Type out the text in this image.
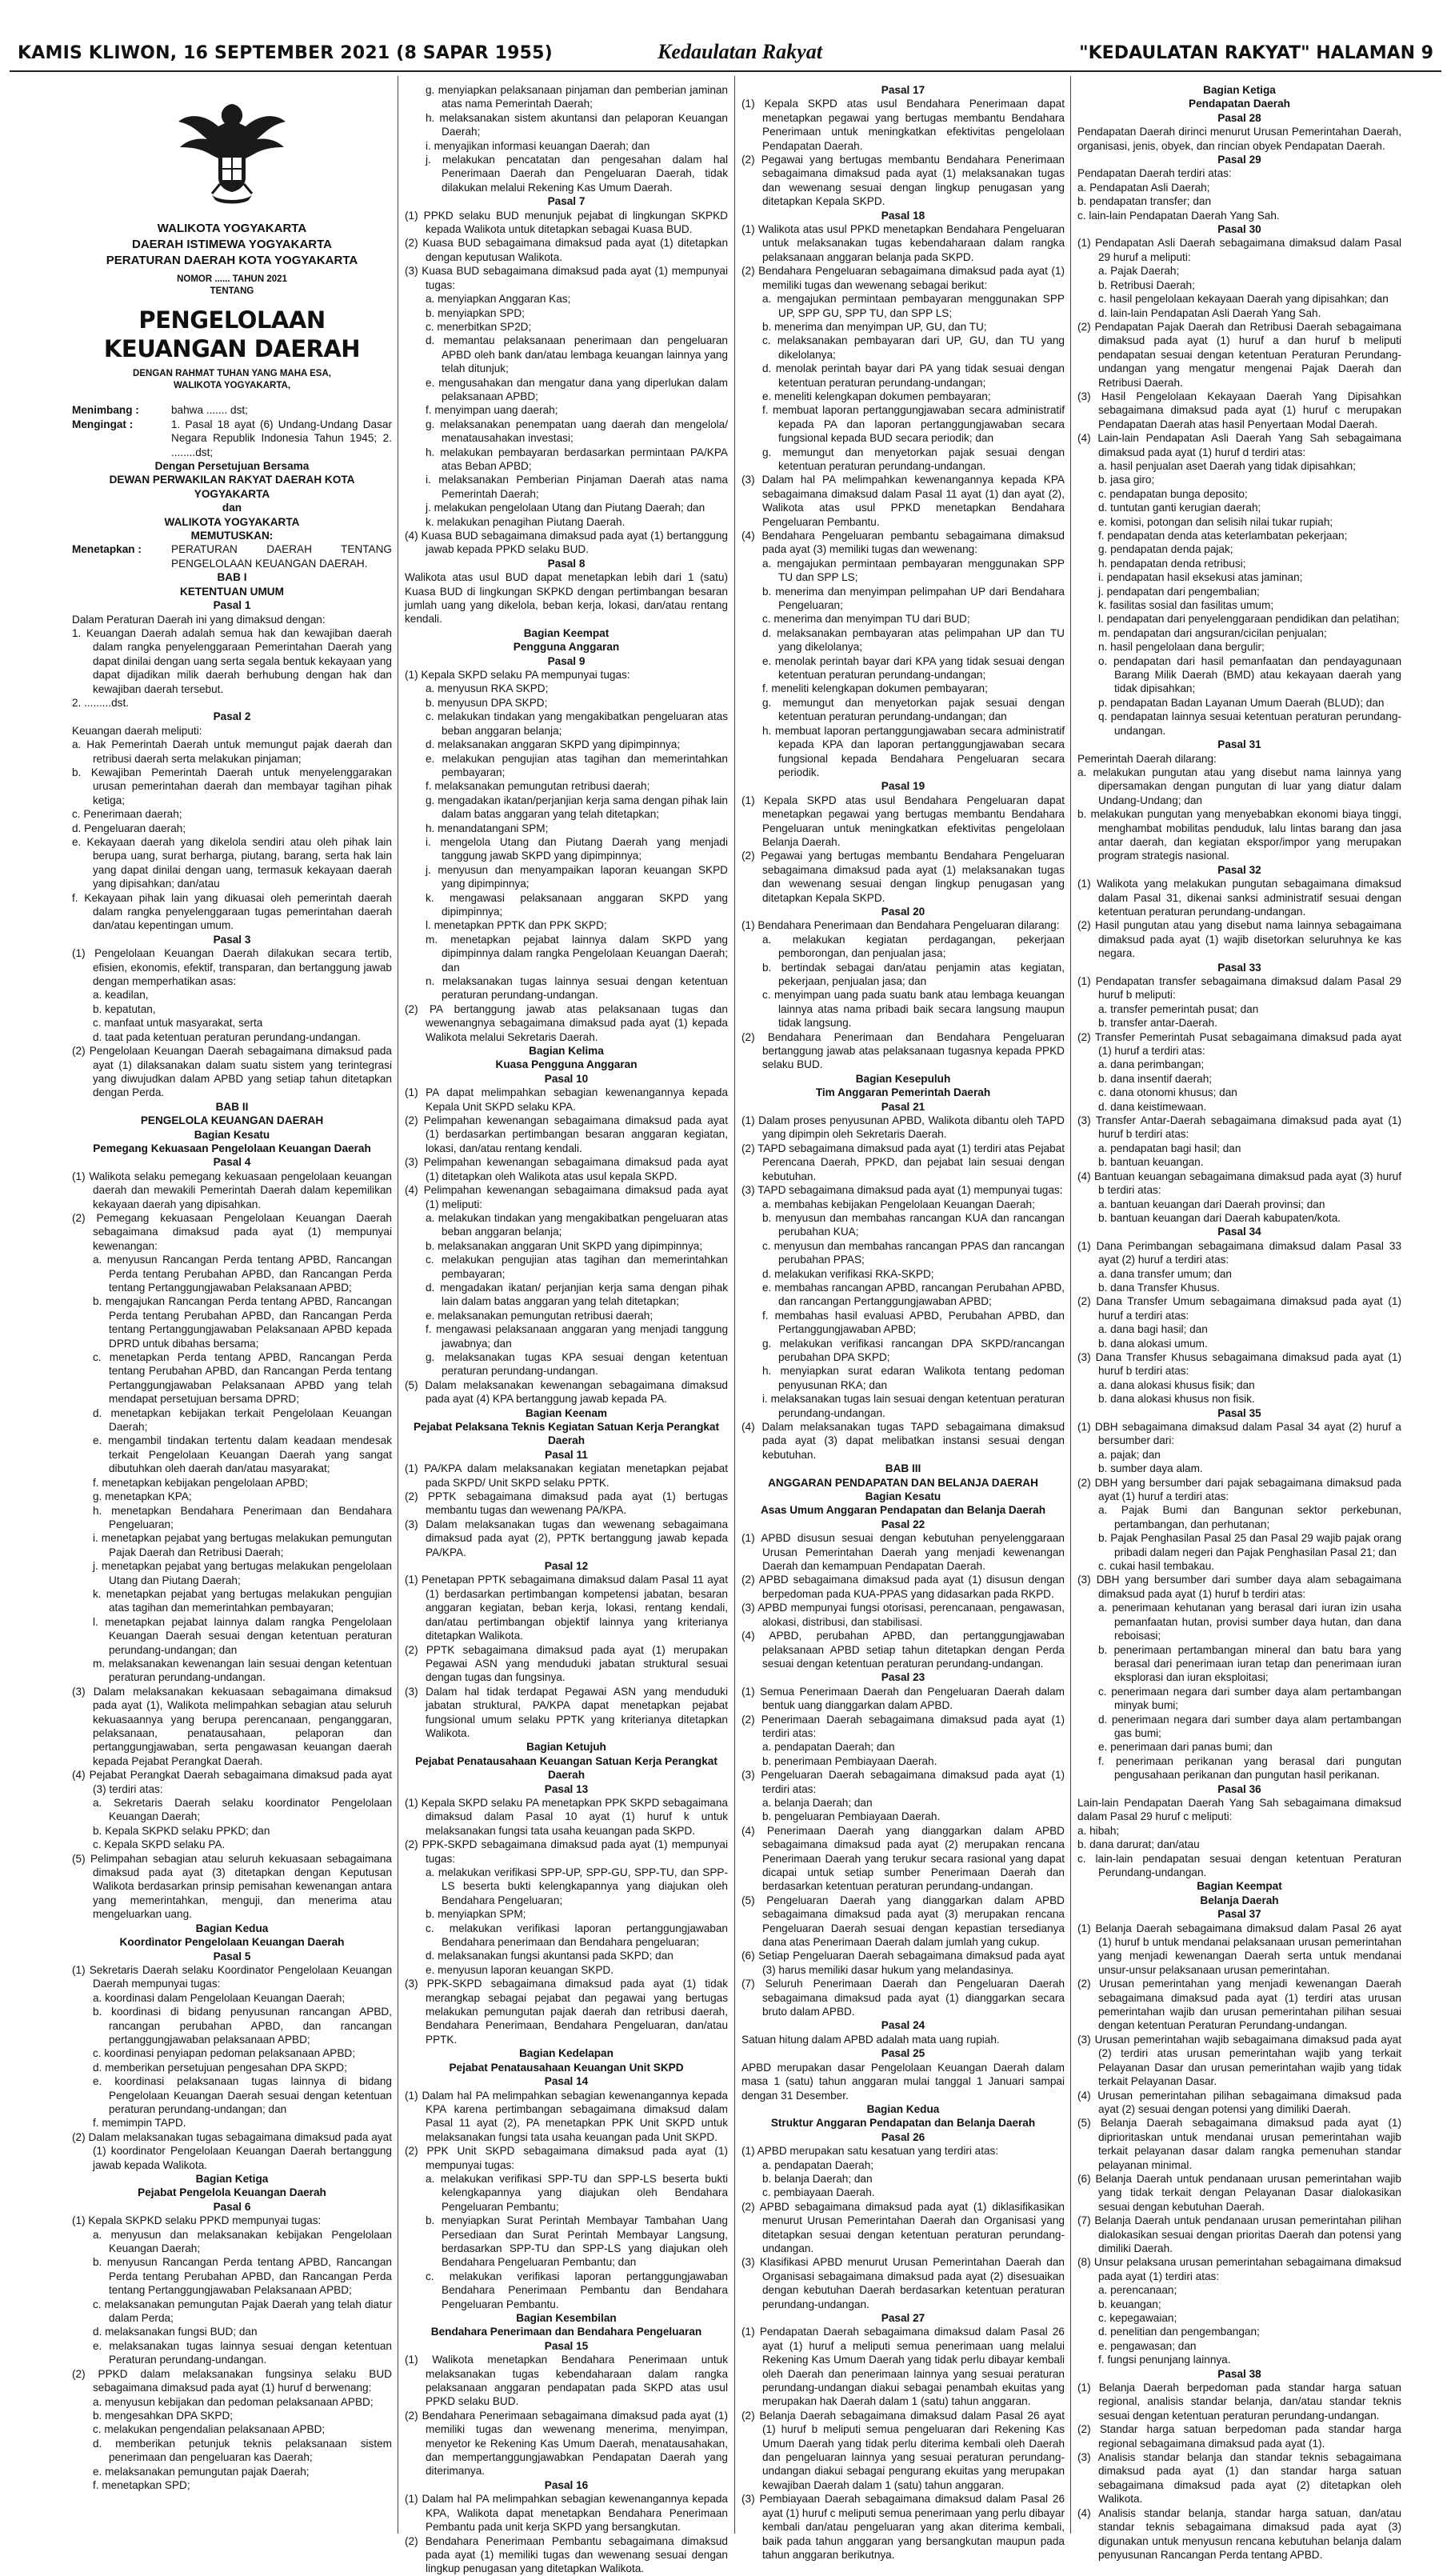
KAMIS KLIWON, 16 SEPTEMBER 2021 (8 SAPAR 1955)	Kedaulatan Rakyat	"KEDAULATAN RAKYAT" HALAMAN 9
WALIKOTA YOGYAKARTA
DAERAH ISTIMEWA YOGYAKARTA
PERATURAN DAERAH KOTA YOGYAKARTA
NOMOR ...... TAHUN 2021
TENTANG
PENGELOLAAN KEUANGAN DAERAH
DENGAN RAHMAT TUHAN YANG MAHA ESA,
WALIKOTA YOGYAKARTA,
Menimbang :	bahwa ....... dst;
Mengingat :	1. Pasal 18 ayat (6) Undang-Undang Dasar Negara Republik Indonesia Tahun 1945; 2. ........dst;

Dengan Persetujuan Bersama

DEWAN PERWAKILAN RAKYAT DAERAH KOTA YOGYAKARTA

dan

WALIKOTA YOGYAKARTA

MEMUTUSKAN:

Menetapkan :	PERATURAN DAERAH TENTANG PENGELOLAAN KEUANGAN DAERAH.

BAB I

KETENTUAN UMUM

Pasal 1

Dalam Peraturan Daerah ini yang dimaksud dengan:

1. Keuangan Daerah adalah semua hak dan kewajiban daerah dalam rangka penyelenggaraan Pemerintahan Daerah yang dapat dinilai dengan uang serta segala bentuk kekayaan yang dapat dijadikan milik daerah berhubung dengan hak dan kewajiban daerah tersebut.

2. .........dst.

Pasal 2

Keuangan daerah meliputi:

a. Hak Pemerintah Daerah untuk memungut pajak daerah dan retribusi daerah serta melakukan pinjaman;

b. Kewajiban Pemerintah Daerah untuk menyelenggarakan urusan pemerintahan daerah dan membayar tagihan pihak ketiga;

c. Penerimaan daerah;

d. Pengeluaran daerah;

e. Kekayaan daerah yang dikelola sendiri atau oleh pihak lain berupa uang, surat berharga, piutang, barang, serta hak lain yang dapat dinilai dengan uang, termasuk kekayaan daerah yang dipisahkan; dan/atau

f. Kekayaan pihak lain yang dikuasai oleh pemerintah daerah dalam rangka penyelenggaraan tugas pemerintahan daerah dan/atau kepentingan umum.

Pasal 3

(1) Pengelolaan Keuangan Daerah dilakukan secara tertib, efisien, ekonomis, efektif, transparan, dan bertanggung jawab dengan memperhatikan asas:

a. keadilan,

b. kepatutan,

c. manfaat untuk masyarakat, serta

d. taat pada ketentuan peraturan perundang-undangan.

(2) Pengelolaan Keuangan Daerah sebagaimana dimaksud pada ayat (1) dilaksanakan dalam suatu sistem yang terintegrasi yang diwujudkan dalam APBD yang setiap tahun ditetapkan dengan Perda.

BAB II

PENGELOLA KEUANGAN DAERAH

Bagian Kesatu

Pemegang Kekuasaan Pengelolaan Keuangan Daerah

Pasal 4

(1) Walikota selaku pemegang kekuasaan pengelolaan keuangan daerah dan mewakili Pemerintah Daerah dalam kepemilikan kekayaan daerah yang dipisahkan.

(2) Pemegang kekuasaan Pengelolaan Keuangan Daerah sebagaimana dimaksud pada ayat (1) mempunyai kewenangan:

a. menyusun Rancangan Perda tentang APBD, Rancangan Perda tentang Perubahan APBD, dan Rancangan Perda tentang Pertanggungjawaban Pelaksanaan APBD;

b. mengajukan Rancangan Perda tentang APBD, Rancangan Perda tentang Perubahan APBD, dan Rancangan Perda tentang Pertanggungjawaban Pelaksanaan APBD kepada DPRD untuk dibahas bersama;

c. menetapkan Perda tentang APBD, Rancangan Perda tentang Perubahan APBD, dan Rancangan Perda tentang Pertanggungjawaban Pelaksanaan APBD yang telah mendapat persetujuan bersama DPRD;

d. menetapkan kebijakan terkait Pengelolaan Keuangan Daerah;

e. mengambil tindakan tertentu dalam keadaan mendesak terkait Pengelolaan Keuangan Daerah yang sangat dibutuhkan oleh daerah dan/atau masyarakat;

f. menetapkan kebijakan pengelolaan APBD;

g. menetapkan KPA;

h. menetapkan Bendahara Penerimaan dan Bendahara Pengeluaran;

i. menetapkan pejabat yang bertugas melakukan pemungutan Pajak Daerah dan Retribusi Daerah;

j. menetapkan pejabat yang bertugas melakukan pengelolaan Utang dan Piutang Daerah;

k. menetapkan pejabat yang bertugas melakukan pengujian atas tagihan dan memerintahkan pembayaran;

l. menetapkan pejabat lainnya dalam rangka Pengelolaan Keuangan Daerah sesuai dengan ketentuan peraturan perundang-undangan; dan

m. melaksanakan kewenangan lain sesuai dengan ketentuan peraturan perundang-undangan.

(3) Dalam melaksanakan kekuasaan sebagaimana dimaksud pada ayat (1), Walikota melimpahkan sebagian atau seluruh kekuasaannya yang berupa perencanaan, penganggaran, pelaksanaan, penatausahaan, pelaporan dan pertanggungjawaban, serta pengawasan keuangan daerah kepada Pejabat Perangkat Daerah.

(4) Pejabat Perangkat Daerah sebagaimana dimaksud pada ayat (3) terdiri atas:

a. Sekretaris Daerah selaku koordinator Pengelolaan Keuangan Daerah;

b. Kepala SKPKD selaku PPKD; dan

c. Kepala SKPD selaku PA.

(5) Pelimpahan sebagian atau seluruh kekuasaan sebagaimana dimaksud pada ayat (3) ditetapkan dengan Keputusan Walikota berdasarkan prinsip pemisahan kewenangan antara yang memerintahkan, menguji, dan menerima atau mengeluarkan uang.

Bagian Kedua

Koordinator Pengelolaan Keuangan Daerah

Pasal 5

(1) Sekretaris Daerah selaku Koordinator Pengelolaan Keuangan Daerah mempunyai tugas:

a. koordinasi dalam Pengelolaan Keuangan Daerah;

b. koordinasi di bidang penyusunan rancangan APBD, rancangan perubahan APBD, dan rancangan pertanggungjawaban pelaksanaan APBD;

c. koordinasi penyiapan pedoman pelaksanaan APBD;

d. memberikan persetujuan pengesahan DPA SKPD;

e. koordinasi pelaksanaan tugas lainnya di bidang Pengelolaan Keuangan Daerah sesuai dengan ketentuan peraturan perundang-undangan; dan

f. memimpin TAPD.

(2) Dalam melaksanakan tugas sebagaimana dimaksud pada ayat (1) koordinator Pengelolaan Keuangan Daerah bertanggung jawab kepada Walikota.

Bagian Ketiga

Pejabat Pengelola Keuangan Daerah

Pasal 6

(1) Kepala SKPKD selaku PPKD mempunyai tugas:

a. menyusun dan melaksanakan kebijakan Pengelolaan Keuangan Daerah;

b. menyusun Rancangan Perda tentang APBD, Rancangan Perda tentang Perubahan APBD, dan Rancangan Perda tentang Pertanggungjawaban Pelaksanaan APBD;

c. melaksanakan pemungutan Pajak Daerah yang telah diatur dalam Perda;

d. melaksanakan fungsi BUD; dan

e. melaksanakan tugas lainnya sesuai dengan ketentuan Peraturan perundang-undangan.

(2) PPKD dalam melaksanakan fungsinya selaku BUD sebagaimana dimaksud pada ayat (1) huruf d berwenang:

a. menyusun kebijakan dan pedoman pelaksanaan APBD;

b. mengesahkan DPA SKPD;

c. melakukan pengendalian pelaksanaan APBD;

d. memberikan petunjuk teknis pelaksanaan sistem penerimaan dan pengeluaran kas Daerah;

e. melaksanakan pemungutan pajak Daerah;

f. menetapkan SPD;

g. menyiapkan pelaksanaan pinjaman dan pemberian jaminan atas nama Pemerintah Daerah;

h. melaksanakan sistem akuntansi dan pelaporan Keuangan Daerah;

i. menyajikan informasi keuangan Daerah; dan

j. melakukan pencatatan dan pengesahan dalam hal Penerimaan Daerah dan Pengeluaran Daerah, tidak dilakukan melalui Rekening Kas Umum Daerah.

Pasal 7

(1) PPKD selaku BUD menunjuk pejabat di lingkungan SKPKD kepada Walikota untuk ditetapkan sebagai Kuasa BUD.

(2) Kuasa BUD sebagaimana dimaksud pada ayat (1) ditetapkan dengan keputusan Walikota.

(3) Kuasa BUD sebagaimana dimaksud pada ayat (1) mempunyai tugas:

a. menyiapkan Anggaran Kas;

b. menyiapkan SPD;

c. menerbitkan SP2D;

d. memantau pelaksanaan penerimaan dan pengeluaran APBD oleh bank dan/atau lembaga keuangan lainnya yang telah ditunjuk;

e. mengusahakan dan mengatur dana yang diperlukan dalam pelaksanaan APBD;

f. menyimpan uang daerah;

g. melaksanakan penempatan uang daerah dan mengelola/ menatausahakan investasi;

h. melakukan pembayaran berdasarkan permintaan PA/KPA atas Beban APBD;

i. melaksanakan Pemberian Pinjaman Daerah atas nama Pemerintah Daerah;

j. melakukan pengelolaan Utang dan Piutang Daerah; dan

k. melakukan penagihan Piutang Daerah.

(4) Kuasa BUD sebagaimana dimaksud pada ayat (1) bertanggung jawab kepada PPKD selaku BUD.

Pasal 8

Walikota atas usul BUD dapat menetapkan lebih dari 1 (satu) Kuasa BUD di lingkungan SKPKD dengan pertimbangan besaran jumlah uang yang dikelola, beban kerja, lokasi, dan/atau rentang kendali.

Bagian Keempat

Pengguna Anggaran

Pasal 9

(1) Kepala SKPD selaku PA mempunyai tugas:

a. menyusun RKA SKPD;

b. menyusun DPA SKPD;

c. melakukan tindakan yang mengakibatkan pengeluaran atas beban anggaran belanja;

d. melaksanakan anggaran SKPD yang dipimpinnya;

e. melakukan pengujian atas tagihan dan memerintahkan pembayaran;

f. melaksanakan pemungutan retribusi daerah;

g. mengadakan ikatan/perjanjian kerja sama dengan pihak lain dalam batas anggaran yang telah ditetapkan;

h. menandatangani SPM;

i. mengelola Utang dan Piutang Daerah yang menjadi tanggung jawab SKPD yang dipimpinnya;

j. menyusun dan menyampaikan laporan keuangan SKPD yang dipimpinnya;

k. mengawasi pelaksanaan anggaran SKPD yang dipimpinnya;

l. menetapkan PPTK dan PPK SKPD;

m. menetapkan pejabat lainnya dalam SKPD yang dipimpinnya dalam rangka Pengelolaan Keuangan Daerah; dan

n. melaksanakan tugas lainnya sesuai dengan ketentuan peraturan perundang-undangan.

(2) PA bertanggung jawab atas pelaksanaan tugas dan wewenangnya sebagaimana dimaksud pada ayat (1) kepada Walikota melalui Sekretaris Daerah.

Bagian Kelima

Kuasa Pengguna Anggaran

Pasal 10

(1) PA dapat melimpahkan sebagian kewenangannya kepada Kepala Unit SKPD selaku KPA.

(2) Pelimpahan kewenangan sebagaimana dimaksud pada ayat (1) berdasarkan pertimbangan besaran anggaran kegiatan, lokasi, dan/atau rentang kendali.

(3) Pelimpahan kewenangan sebagaimana dimaksud pada ayat (1) ditetapkan oleh Walikota atas usul kepala SKPD.

(4) Pelimpahan kewenangan sebagaimana dimaksud pada ayat (1) meliputi:

a. melakukan tindakan yang mengakibatkan pengeluaran atas beban anggaran belanja;

b. melaksanakan anggaran Unit SKPD yang dipimpinnya;

c. melakukan pengujian atas tagihan dan memerintahkan pembayaran;

d. mengadakan ikatan/ perjanjian kerja sama dengan pihak lain dalam batas anggaran yang telah ditetapkan;

e. melaksanakan pemungutan retribusi daerah;

f. mengawasi pelaksanaan anggaran yang menjadi tanggung jawabnya; dan

g. melaksanakan tugas KPA sesuai dengan ketentuan peraturan perundang-undangan.

(5) Dalam melaksanakan kewenangan sebagaimana dimaksud pada ayat (4) KPA bertanggung jawab kepada PA.

Bagian Keenam

Pejabat Pelaksana Teknis Kegiatan Satuan Kerja Perangkat Daerah

Pasal 11

(1) PA/KPA dalam melaksanakan kegiatan menetapkan pejabat pada SKPD/ Unit SKPD selaku PPTK.

(2) PPTK sebagaimana dimaksud pada ayat (1) bertugas membantu tugas dan wewenang PA/KPA.

(3) Dalam melaksanakan tugas dan wewenang sebagaimana dimaksud pada ayat (2), PPTK bertanggung jawab kepada PA/KPA.

Pasal 12

(1) Penetapan PPTK sebagaimana dimaksud dalam Pasal 11 ayat (1) berdasarkan pertimbangan kompetensi jabatan, besaran anggaran kegiatan, beban kerja, lokasi, rentang kendali, dan/atau pertimbangan objektif lainnya yang kriterianya ditetapkan Walikota.

(2) PPTK sebagaimana dimaksud pada ayat (1) merupakan Pegawai ASN yang menduduki jabatan struktural sesuai dengan tugas dan fungsinya.

(3) Dalam hal tidak terdapat Pegawai ASN yang menduduki jabatan struktural, PA/KPA dapat menetapkan pejabat fungsional umum selaku PPTK yang kriterianya ditetapkan Walikota.

Bagian Ketujuh

Pejabat Penatausahaan Keuangan Satuan Kerja Perangkat Daerah

Pasal 13

(1) Kepala SKPD selaku PA menetapkan PPK SKPD sebagaimana dimaksud dalam Pasal 10 ayat (1) huruf k untuk melaksanakan fungsi tata usaha keuangan pada SKPD.

(2) PPK-SKPD sebagaimana dimaksud pada ayat (1) mempunyai tugas:

a. melakukan verifikasi SPP-UP, SPP-GU, SPP-TU, dan SPP-LS beserta bukti kelengkapannya yang diajukan oleh Bendahara Pengeluaran;

b. menyiapkan SPM;

c. melakukan verifikasi laporan pertanggungjawaban Bendahara penerimaan dan Bendahara pengeluaran;

d. melaksanakan fungsi akuntansi pada SKPD; dan

e. menyusun laporan keuangan SKPD.

(3) PPK-SKPD sebagaimana dimaksud pada ayat (1) tidak merangkap sebagai pejabat dan pegawai yang bertugas melakukan pemungutan pajak daerah dan retribusi daerah, Bendahara Penerimaan, Bendahara Pengeluaran, dan/atau PPTK.

Bagian Kedelapan

Pejabat Penatausahaan Keuangan Unit SKPD

Pasal 14

(1) Dalam hal PA melimpahkan sebagian kewenangannya kepada KPA karena pertimbangan sebagaimana dimaksud dalam Pasal 11 ayat (2), PA menetapkan PPK Unit SKPD untuk melaksanakan fungsi tata usaha keuangan pada Unit SKPD.

(2) PPK Unit SKPD sebagaimana dimaksud pada ayat (1) mempunyai tugas:

a. melakukan verifikasi SPP-TU dan SPP-LS beserta bukti kelengkapannya yang diajukan oleh Bendahara Pengeluaran Pembantu;

b. menyiapkan Surat Perintah Membayar Tambahan Uang Persediaan dan Surat Perintah Membayar Langsung, berdasarkan SPP-TU dan SPP-LS yang diajukan oleh Bendahara Pengeluaran Pembantu; dan

c. melakukan verifikasi laporan pertanggungjawaban Bendahara Penerimaan Pembantu dan Bendahara Pengeluaran Pembantu.

Bagian Kesembilan

Bendahara Penerimaan dan Bendahara Pengeluaran

Pasal 15

(1) Walikota menetapkan Bendahara Penerimaan untuk melaksanakan tugas kebendaharaan dalam rangka pelaksanaan anggaran pendapatan pada SKPD atas usul PPKD selaku BUD.

(2) Bendahara Penerimaan sebagaimana dimaksud pada ayat (1) memiliki tugas dan wewenang menerima, menyimpan, menyetor ke Rekening Kas Umum Daerah, menatausahakan, dan mempertanggungjawabkan Pendapatan Daerah yang diterimanya.

Pasal 16

(1) Dalam hal PA melimpahkan sebagian kewenangannya kepada KPA, Walikota dapat menetapkan Bendahara Penerimaan Pembantu pada unit kerja SKPD yang bersangkutan.

(2) Bendahara Penerimaan Pembantu sebagaimana dimaksud pada ayat (1) memiliki tugas dan wewenang sesuai dengan lingkup penugasan yang ditetapkan Walikota.

Pasal 17

(1) Kepala SKPD atas usul Bendahara Penerimaan dapat menetapkan pegawai yang bertugas membantu Bendahara Penerimaan untuk meningkatkan efektivitas pengelolaan Pendapatan Daerah.

(2) Pegawai yang bertugas membantu Bendahara Penerimaan sebagaimana dimaksud pada ayat (1) melaksanakan tugas dan wewenang sesuai dengan lingkup penugasan yang ditetapkan Kepala SKPD.

Pasal 18

(1) Walikota atas usul PPKD menetapkan Bendahara Pengeluaran untuk melaksanakan tugas kebendaharaan dalam rangka pelaksanaan anggaran belanja pada SKPD.

(2) Bendahara Pengeluaran sebagaimana dimaksud pada ayat (1) memiliki tugas dan wewenang sebagai berikut:

a. mengajukan permintaan pembayaran menggunakan SPP UP, SPP GU, SPP TU, dan SPP LS;

b. menerima dan menyimpan UP, GU, dan TU;

c. melaksanakan pembayaran dari UP, GU, dan TU yang dikelolanya;

d. menolak perintah bayar dari PA yang tidak sesuai dengan ketentuan peraturan perundang-undangan;

e. meneliti kelengkapan dokumen pembayaran;

f. membuat laporan pertanggungjawaban secara administratif kepada PA dan laporan pertanggungjawaban secara fungsional kepada BUD secara periodik; dan

g. memungut dan menyetorkan pajak sesuai dengan ketentuan peraturan perundang-undangan.

(3) Dalam hal PA melimpahkan kewenangannya kepada KPA sebagaimana dimaksud dalam Pasal 11 ayat (1) dan ayat (2), Walikota atas usul PPKD menetapkan Bendahara Pengeluaran Pembantu.

(4) Bendahara Pengeluaran pembantu sebagaimana dimaksud pada ayat (3) memiliki tugas dan wewenang:

a. mengajukan permintaan pembayaran menggunakan SPP TU dan SPP LS;

b. menerima dan menyimpan pelimpahan UP dari Bendahara Pengeluaran;

c. menerima dan menyimpan TU dari BUD;

d. melaksanakan pembayaran atas pelimpahan UP dan TU yang dikelolanya;

e. menolak perintah bayar dari KPA yang tidak sesuai dengan ketentuan peraturan perundang-undangan;

f. meneliti kelengkapan dokumen pembayaran;

g. memungut dan menyetorkan pajak sesuai dengan ketentuan peraturan perundang-undangan; dan

h. membuat laporan pertanggungjawaban secara administratif kepada KPA dan laporan pertanggungjawaban secara fungsional kepada Bendahara Pengeluaran secara periodik.

Pasal 19

(1) Kepala SKPD atas usul Bendahara Pengeluaran dapat menetapkan pegawai yang bertugas membantu Bendahara Pengeluaran untuk meningkatkan efektivitas pengelolaan Belanja Daerah.

(2) Pegawai yang bertugas membantu Bendahara Pengeluaran sebagaimana dimaksud pada ayat (1) melaksanakan tugas dan wewenang sesuai dengan lingkup penugasan yang ditetapkan Kepala SKPD.

Pasal 20

(1) Bendahara Penerimaan dan Bendahara Pengeluaran dilarang:

a. melakukan kegiatan perdagangan, pekerjaan pemborongan, dan penjualan jasa;

b. bertindak sebagai dan/atau penjamin atas kegiatan, pekerjaan, penjualan jasa; dan

c. menyimpan uang pada suatu bank atau lembaga keuangan lainnya atas nama pribadi baik secara langsung maupun tidak langsung.

(2) Bendahara Penerimaan dan Bendahara Pengeluaran bertanggung jawab atas pelaksanaan tugasnya kepada PPKD selaku BUD.

Bagian Kesepuluh

Tim Anggaran Pemerintah Daerah

Pasal 21

(1) Dalam proses penyusunan APBD, Walikota dibantu oleh TAPD yang dipimpin oleh Sekretaris Daerah.

(2) TAPD sebagaimana dimaksud pada ayat (1) terdiri atas Pejabat Perencana Daerah, PPKD, dan pejabat lain sesuai dengan kebutuhan.

(3) TAPD sebagaimana dimaksud pada ayat (1) mempunyai tugas:

a. membahas kebijakan Pengelolaan Keuangan Daerah;

b. menyusun dan membahas rancangan KUA dan rancangan perubahan KUA;

c. menyusun dan membahas rancangan PPAS dan rancangan perubahan PPAS;

d. melakukan verifikasi RKA-SKPD;

e. membahas rancangan APBD, rancangan Perubahan APBD, dan rancangan Pertanggungjawaban APBD;

f. membahas hasil evaluasi APBD, Perubahan APBD, dan Pertanggungjawaban APBD;

g. melakukan verifikasi rancangan DPA SKPD/rancangan perubahan DPA SKPD;

h. menyiapkan surat edaran Walikota tentang pedoman penyusunan RKA; dan

i. melaksanakan tugas lain sesuai dengan ketentuan peraturan perundang-undangan.

(4) Dalam melaksanakan tugas TAPD sebagaimana dimaksud pada ayat (3) dapat melibatkan instansi sesuai dengan kebutuhan.

BAB III

ANGGARAN PENDAPATAN DAN BELANJA DAERAH

Bagian Kesatu

Asas Umum Anggaran Pendapatan dan Belanja Daerah

Pasal 22

(1) APBD disusun sesuai dengan kebutuhan penyelenggaraan Urusan Pemerintahan Daerah yang menjadi kewenangan Daerah dan kemampuan Pendapatan Daerah.

(2) APBD sebagaimana dimaksud pada ayat (1) disusun dengan berpedoman pada KUA-PPAS yang didasarkan pada RKPD.

(3) APBD mempunyai fungsi otorisasi, perencanaan, pengawasan, alokasi, distribusi, dan stabilisasi.

(4) APBD, perubahan APBD, dan pertanggungjawaban pelaksanaan APBD setiap tahun ditetapkan dengan Perda sesuai dengan ketentuan peraturan perundang-undangan.

Pasal 23

(1) Semua Penerimaan Daerah dan Pengeluaran Daerah dalam bentuk uang dianggarkan dalam APBD.

(2) Penerimaan Daerah sebagaimana dimaksud pada ayat (1) terdiri atas:

a. pendapatan Daerah; dan

b. penerimaan Pembiayaan Daerah.

(3) Pengeluaran Daerah sebagaimana dimaksud pada ayat (1) terdiri atas:

a. belanja Daerah; dan

b. pengeluaran Pembiayaan Daerah.

(4) Penerimaan Daerah yang dianggarkan dalam APBD sebagaimana dimaksud pada ayat (2) merupakan rencana Penerimaan Daerah yang terukur secara rasional yang dapat dicapai untuk setiap sumber Penerimaan Daerah dan berdasarkan ketentuan peraturan perundang-undangan.

(5) Pengeluaran Daerah yang dianggarkan dalam APBD sebagaimana dimaksud pada ayat (3) merupakan rencana Pengeluaran Daerah sesuai dengan kepastian tersedianya dana atas Penerimaan Daerah dalam jumlah yang cukup.

(6) Setiap Pengeluaran Daerah sebagaimana dimaksud pada ayat (3) harus memiliki dasar hukum yang melandasinya.

(7) Seluruh Penerimaan Daerah dan Pengeluaran Daerah sebagaimana dimaksud pada ayat (1) dianggarkan secara bruto dalam APBD.

Pasal 24

Satuan hitung dalam APBD adalah mata uang rupiah.

Pasal 25

APBD merupakan dasar Pengelolaan Keuangan Daerah dalam masa 1 (satu) tahun anggaran mulai tanggal 1 Januari sampai dengan 31 Desember.

Bagian Kedua

Struktur Anggaran Pendapatan dan Belanja Daerah

Pasal 26

(1) APBD merupakan satu kesatuan yang terdiri atas:

a. pendapatan Daerah;

b. belanja Daerah; dan

c. pembiayaan Daerah.

(2) APBD sebagaimana dimaksud pada ayat (1) diklasifikasikan menurut Urusan Pemerintahan Daerah dan Organisasi yang ditetapkan sesuai dengan ketentuan peraturan perundang-undangan.

(3) Klasifikasi APBD menurut Urusan Pemerintahan Daerah dan Organisasi sebagaimana dimaksud pada ayat (2) disesuaikan dengan kebutuhan Daerah berdasarkan ketentuan peraturan perundang-undangan.

Pasal 27

(1) Pendapatan Daerah sebagaimana dimaksud dalam Pasal 26 ayat (1) huruf a meliputi semua penerimaan uang melalui Rekening Kas Umum Daerah yang tidak perlu dibayar kembali oleh Daerah dan penerimaan lainnya yang sesuai peraturan perundang-undangan diakui sebagai penambah ekuitas yang merupakan hak Daerah dalam 1 (satu) tahun anggaran.

(2) Belanja Daerah sebagaimana dimaksud dalam Pasal 26 ayat (1) huruf b meliputi semua pengeluaran dari Rekening Kas Umum Daerah yang tidak perlu diterima kembali oleh Daerah dan pengeluaran lainnya yang sesuai peraturan perundang-undangan diakui sebagai pengurang ekuitas yang merupakan kewajiban Daerah dalam 1 (satu) tahun anggaran.

(3) Pembiayaan Daerah sebagaimana dimaksud dalam Pasal 26 ayat (1) huruf c meliputi semua penerimaan yang perlu dibayar kembali dan/atau pengeluaran yang akan diterima kembali, baik pada tahun anggaran yang bersangkutan maupun pada tahun anggaran berikutnya.

Bagian Ketiga

Pendapatan Daerah

Pasal 28

Pendapatan Daerah dirinci menurut Urusan Pemerintahan Daerah, organisasi, jenis, obyek, dan rincian obyek Pendapatan Daerah.

Pasal 29

Pendapatan Daerah terdiri atas:

a. Pendapatan Asli Daerah;

b. pendapatan transfer; dan

c. lain-lain Pendapatan Daerah Yang Sah.

Pasal 30

(1) Pendapatan Asli Daerah sebagaimana dimaksud dalam Pasal 29 huruf a meliputi:

a. Pajak Daerah;

b. Retribusi Daerah;

c. hasil pengelolaan kekayaan Daerah yang dipisahkan; dan

d. lain-lain Pendapatan Asli Daerah Yang Sah.

(2) Pendapatan Pajak Daerah dan Retribusi Daerah sebagaimana dimaksud pada ayat (1) huruf a dan huruf b meliputi pendapatan sesuai dengan ketentuan Peraturan Perundang-undangan yang mengatur mengenai Pajak Daerah dan Retribusi Daerah.

(3) Hasil Pengelolaan Kekayaan Daerah Yang Dipisahkan sebagaimana dimaksud pada ayat (1) huruf c merupakan Pendapatan Daerah atas hasil Penyertaan Modal Daerah.

(4) Lain-lain Pendapatan Asli Daerah Yang Sah sebagaimana dimaksud pada ayat (1) huruf d terdiri atas:

a. hasil penjualan aset Daerah yang tidak dipisahkan;

b. jasa giro;

c. pendapatan bunga deposito;

d. tuntutan ganti kerugian daerah;

e. komisi, potongan dan selisih nilai tukar rupiah;

f. pendapatan denda atas keterlambatan pekerjaan;

g. pendapatan denda pajak;

h. pendapatan denda retribusi;

i. pendapatan hasil eksekusi atas jaminan;

j. pendapatan dari pengembalian;

k. fasilitas sosial dan fasilitas umum;

l. pendapatan dari penyelenggaraan pendidikan dan pelatihan;

m. pendapatan dari angsuran/cicilan penjualan;

n. hasil pengelolaan dana bergulir;

o. pendapatan dari hasil pemanfaatan dan pendayagunaan Barang Milik Daerah (BMD) atau kekayaan daerah yang tidak dipisahkan;

p. pendapatan Badan Layanan Umum Daerah (BLUD); dan

q. pendapatan lainnya sesuai ketentuan peraturan perundang-undangan.

Pasal 31

Pemerintah Daerah dilarang:

a. melakukan pungutan atau yang disebut nama lainnya yang dipersamakan dengan pungutan di luar yang diatur dalam Undang-Undang; dan

b. melakukan pungutan yang menyebabkan ekonomi biaya tinggi, menghambat mobilitas penduduk, lalu lintas barang dan jasa antar daerah, dan kegiatan ekspor/impor yang merupakan program strategis nasional.

Pasal 32

(1) Walikota yang melakukan pungutan sebagaimana dimaksud dalam Pasal 31, dikenai sanksi administratif sesuai dengan ketentuan peraturan perundang-undangan.

(2) Hasil pungutan atau yang disebut nama lainnya sebagaimana dimaksud pada ayat (1) wajib disetorkan seluruhnya ke kas negara.

Pasal 33

(1) Pendapatan transfer sebagaimana dimaksud dalam Pasal 29 huruf b meliputi:

a. transfer pemerintah pusat; dan

b. transfer antar-Daerah.

(2) Transfer Pemerintah Pusat sebagaimana dimaksud pada ayat (1) huruf a terdiri atas:

a. dana perimbangan;

b. dana insentif daerah;

c. dana otonomi khusus; dan

d. dana keistimewaan.

(3) Transfer Antar-Daerah sebagaimana dimaksud pada ayat (1) huruf b terdiri atas:

a. pendapatan bagi hasil; dan

b. bantuan keuangan.

(4) Bantuan keuangan sebagaimana dimaksud pada ayat (3) huruf b terdiri atas:

a. bantuan keuangan dari Daerah provinsi; dan

b. bantuan keuangan dari Daerah kabupaten/kota.

Pasal 34

(1) Dana Perimbangan sebagaimana dimaksud dalam Pasal 33 ayat (2) huruf a terdiri atas:

a. dana transfer umum; dan

b. dana Transfer Khusus.

(2) Dana Transfer Umum sebagaimana dimaksud pada ayat (1) huruf a terdiri atas:

a. dana bagi hasil; dan

b. dana alokasi umum.

(3) Dana Transfer Khusus sebagaimana dimaksud pada ayat (1) huruf b terdiri atas:

a. dana alokasi khusus fisik; dan

b. dana alokasi khusus non fisik.

Pasal 35

(1) DBH sebagaimana dimaksud dalam Pasal 34 ayat (2) huruf a bersumber dari:

a. pajak; dan

b. sumber daya alam.

(2) DBH yang bersumber dari pajak sebagaimana dimaksud pada ayat (1) huruf a terdiri atas:

a. Pajak Bumi dan Bangunan sektor perkebunan, pertambangan, dan perhutanan;

b. Pajak Penghasilan Pasal 25 dan Pasal 29 wajib pajak orang pribadi dalam negeri dan Pajak Penghasilan Pasal 21; dan

c. cukai hasil tembakau.

(3) DBH yang bersumber dari sumber daya alam sebagaimana dimaksud pada ayat (1) huruf b terdiri atas:

a. penerimaan kehutanan yang berasal dari iuran izin usaha pemanfaatan hutan, provisi sumber daya hutan, dan dana reboisasi;

b. penerimaan pertambangan mineral dan batu bara yang berasal dari penerimaan iuran tetap dan penerimaan iuran eksplorasi dan iuran eksploitasi;

c. penerimaan negara dari sumber daya alam pertambangan minyak bumi;

d. penerimaan negara dari sumber daya alam pertambangan gas bumi;

e. penerimaan dari panas bumi; dan

f. penerimaan perikanan yang berasal dari pungutan pengusahaan perikanan dan pungutan hasil perikanan.

Pasal 36

Lain-lain Pendapatan Daerah Yang Sah sebagaimana dimaksud dalam Pasal 29 huruf c meliputi:

a. hibah;

b. dana darurat; dan/atau

c. lain-lain pendapatan sesuai dengan ketentuan Peraturan Perundang-undangan.

Bagian Keempat

Belanja Daerah

Pasal 37

(1) Belanja Daerah sebagaimana dimaksud dalam Pasal 26 ayat (1) huruf b untuk mendanai pelaksanaan urusan pemerintahan yang menjadi kewenangan Daerah serta untuk mendanai unsur-unsur pelaksanaan urusan pemerintahan.

(2) Urusan pemerintahan yang menjadi kewenangan Daerah sebagaimana dimaksud pada ayat (1) terdiri atas urusan pemerintahan wajib dan urusan pemerintahan pilihan sesuai dengan ketentuan Peraturan Perundang-undangan.

(3) Urusan pemerintahan wajib sebagaimana dimaksud pada ayat (2) terdiri atas urusan pemerintahan wajib yang terkait Pelayanan Dasar dan urusan pemerintahan wajib yang tidak terkait Pelayanan Dasar.

(4) Urusan pemerintahan pilihan sebagaimana dimaksud pada ayat (2) sesuai dengan potensi yang dimiliki Daerah.

(5) Belanja Daerah sebagaimana dimaksud pada ayat (1) diprioritaskan untuk mendanai urusan pemerintahan wajib terkait pelayanan dasar dalam rangka pemenuhan standar pelayanan minimal.

(6) Belanja Daerah untuk pendanaan urusan pemerintahan wajib yang tidak terkait dengan Pelayanan Dasar dialokasikan sesuai dengan kebutuhan Daerah.

(7) Belanja Daerah untuk pendanaan urusan pemerintahan pilihan dialokasikan sesuai dengan prioritas Daerah dan potensi yang dimiliki Daerah.

(8) Unsur pelaksana urusan pemerintahan sebagaimana dimaksud pada ayat (1) terdiri atas:

a. perencanaan;

b. keuangan;

c. kepegawaian;

d. penelitian dan pengembangan;

e. pengawasan; dan

f. fungsi penunjang lainnya.

Pasal 38

(1) Belanja Daerah berpedoman pada standar harga satuan regional, analisis standar belanja, dan/atau standar teknis sesuai dengan ketentuan peraturan perundang-undangan.

(2) Standar harga satuan berpedoman pada standar harga regional sebagaimana dimaksud pada ayat (1).

(3) Analisis standar belanja dan standar teknis sebagaimana dimaksud pada ayat (1) dan standar harga satuan sebagaimana dimaksud pada ayat (2) ditetapkan oleh Walikota.

(4) Analisis standar belanja, standar harga satuan, dan/atau standar teknis sebagaimana dimaksud pada ayat (3) digunakan untuk menyusun rencana kebutuhan belanja dalam penyusunan Rancangan Perda tentang APBD.
